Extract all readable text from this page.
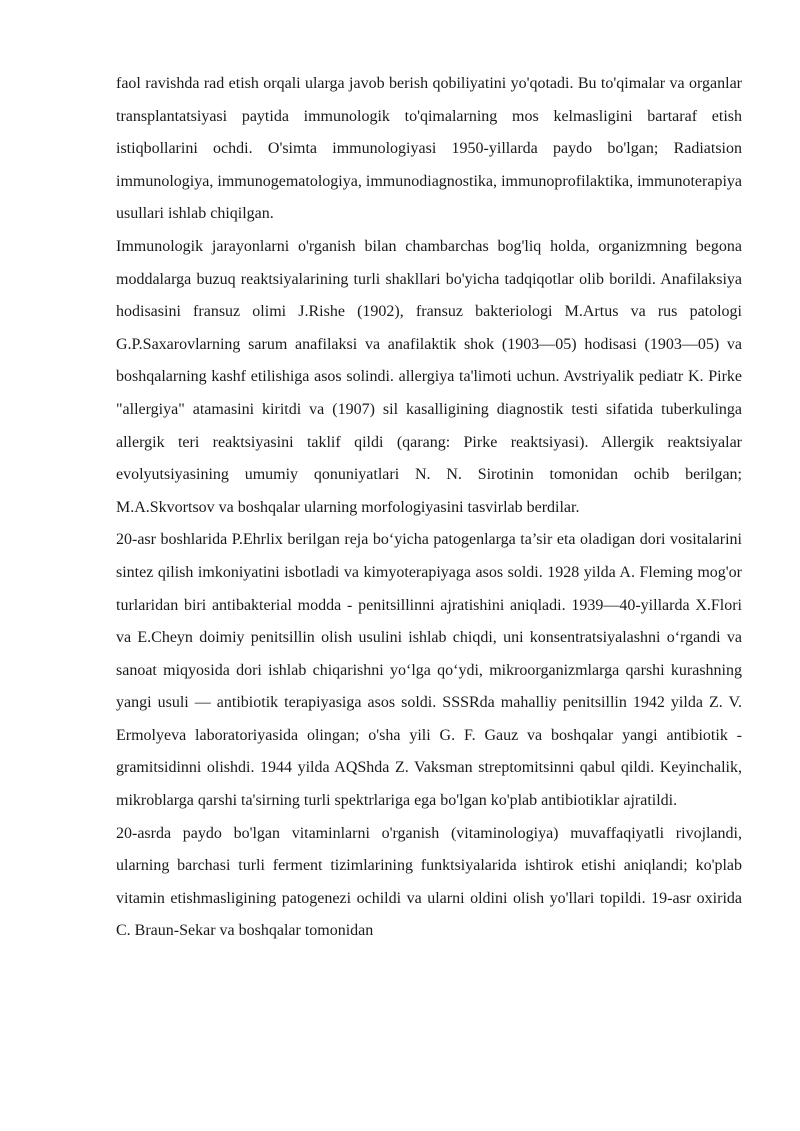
faol ravishda rad etish orqali ularga javob berish qobiliyatini yo'qotadi. Bu to'qimalar va organlar transplantatsiyasi paytida immunologik to'qimalarning mos kelmasligini bartaraf etish istiqbollarini ochdi. O'simta immunologiyasi 1950-yillarda paydo bo'lgan; Radiatsion immunologiya, immunogematologiya, immunodiagnostika, immunoprofilaktika, immunoterapiya usullari ishlab chiqilgan.

Immunologik jarayonlarni o'rganish bilan chambarchas bog'liq holda, organizmning begona moddalarga buzuq reaktsiyalarining turli shakllari bo'yicha tadqiqotlar olib borildi. Anafilaksiya hodisasini fransuz olimi J.Rishe (1902), fransuz bakteriologi M.Artus va rus patologi G.P.Saxarovlarning sarum anafilaksi va anafilaktik shok (1903—05) hodisasi (1903—05) va boshqalarning kashf etilishiga asos solindi. allergiya ta'limoti uchun. Avstriyalik pediatr K. Pirke "allergiya" atamasini kiritdi va (1907) sil kasalligining diagnostik testi sifatida tuberkulinga allergik teri reaktsiyasini taklif qildi (qarang: Pirke reaktsiyasi). Allergik reaktsiyalar evolyutsiyasining umumiy qonuniyatlari N. N. Sirotinin tomonidan ochib berilgan; M.A.Skvortsov va boshqalar ularning morfologiyasini tasvirlab berdilar.

20-asr boshlarida P.Ehrlix berilgan reja bo‘yicha patogenlarga ta’sir eta oladigan dori vositalarini sintez qilish imkoniyatini isbotladi va kimyoterapiyaga asos soldi. 1928 yilda A. Fleming mog'or turlaridan biri antibakterial modda - penitsillinni ajratishini aniqladi. 1939—40-yillarda X.Flori va E.Cheyn doimiy penitsillin olish usulini ishlab chiqdi, uni konsentratsiyalashni o‘rgandi va sanoat miqyosida dori ishlab chiqarishni yo‘lga qo‘ydi, mikroorganizmlarga qarshi kurashning yangi usuli — antibiotik terapiyasiga asos soldi. SSSRda mahalliy penitsillin 1942 yilda Z. V. Ermolyeva laboratoriyasida olingan; o'sha yili G. F. Gauz va boshqalar yangi antibiotik - gramitsidinni olishdi. 1944 yilda AQShda Z. Vaksman streptomitsinni qabul qildi. Keyinchalik, mikroblarga qarshi ta'sirning turli spektrlariga ega bo'lgan ko'plab antibiotiklar ajratildi.

20-asrda paydo bo'lgan vitaminlarni o'rganish (vitaminologiya) muvaffaqiyatli rivojlandi, ularning barchasi turli ferment tizimlarining funktsiyalarida ishtirok etishi aniqlandi; ko'plab vitamin etishmasligining patogenezi ochildi va ularni oldini olish yo'llari topildi. 19-asr oxirida C. Braun-Sekar va boshqalar tomonidan
